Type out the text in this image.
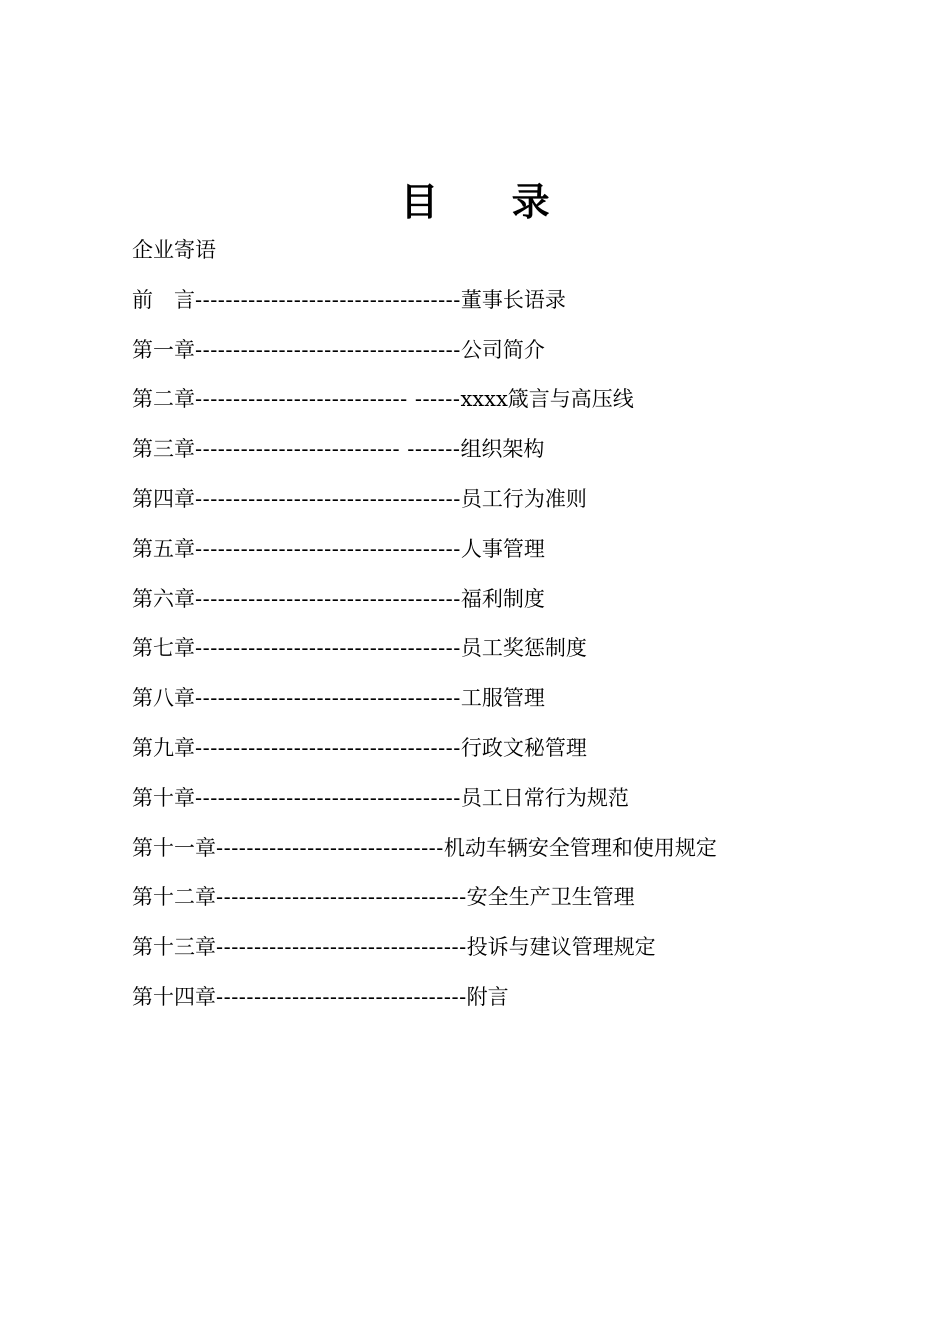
目 录
企业寄语
前　言-----------------------------------董事长语录
第一章-----------------------------------公司简介
第二章---------------------------- ------xxxx箴言与高压线
第三章--------------------------- -------组织架构
第四章-----------------------------------员工行为准则
第五章-----------------------------------人事管理
第六章-----------------------------------福利制度
第七章-----------------------------------员工奖惩制度
第八章-----------------------------------工服管理
第九章-----------------------------------行政文秘管理
第十章-----------------------------------员工日常行为规范
第十一章------------------------------机动车辆安全管理和使用规定
第十二章---------------------------------安全生产卫生管理
第十三章---------------------------------投诉与建议管理规定
第十四章---------------------------------附言
